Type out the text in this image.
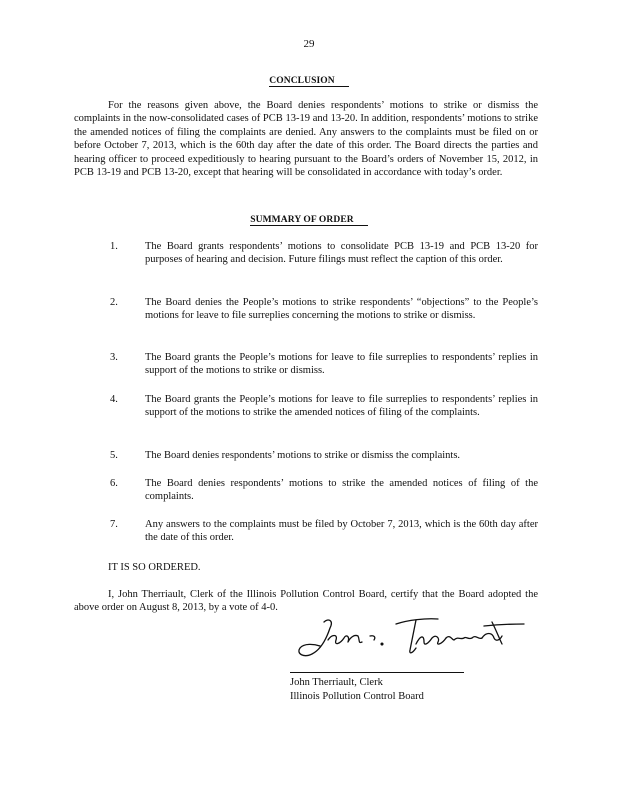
29
CONCLUSION

For the reasons given above, the Board denies respondents’ motions to strike or dismiss the complaints in the now-consolidated cases of PCB 13-19 and 13-20. In addition, respondents’ motions to strike the amended notices of filing the complaints are denied. Any answers to the complaints must be filed on or before October 7, 2013, which is the 60th day after the date of this order. The Board directs the parties and hearing officer to proceed expeditiously to hearing pursuant to the Board’s orders of November 15, 2012, in PCB 13-19 and PCB 13-20, except that hearing will be consolidated in accordance with today’s order.

SUMMARY OF ORDER
1.	The Board grants respondents’ motions to consolidate PCB 13-19 and PCB 13-20 for purposes of hearing and decision. Future filings must reflect the caption of this order.

2.	The Board denies the People’s motions to strike respondents’ “objections” to the People’s motions for leave to file surreplies concerning the motions to strike or dismiss.

3.	The Board grants the People’s motions for leave to file surreplies to respondents’ replies in support of the motions to strike or dismiss.

4.	The Board grants the People’s motions for leave to file surreplies to respondents’ replies in support of the motions to strike the amended notices of filing of the complaints.

5.	The Board denies respondents’ motions to strike or dismiss the complaints.

6.	The Board denies respondents’ motions to strike the amended notices of filing of the complaints.

7.	Any answers to the complaints must be filed by October 7, 2013, which is the 60th day after the date of this order.

IT IS SO ORDERED.

I, John Therriault, Clerk of the Illinois Pollution Control Board, certify that the Board adopted the above order on August 8, 2013, by a vote of 4-0.

John Therriault, Clerk

Illinois Pollution Control Board
